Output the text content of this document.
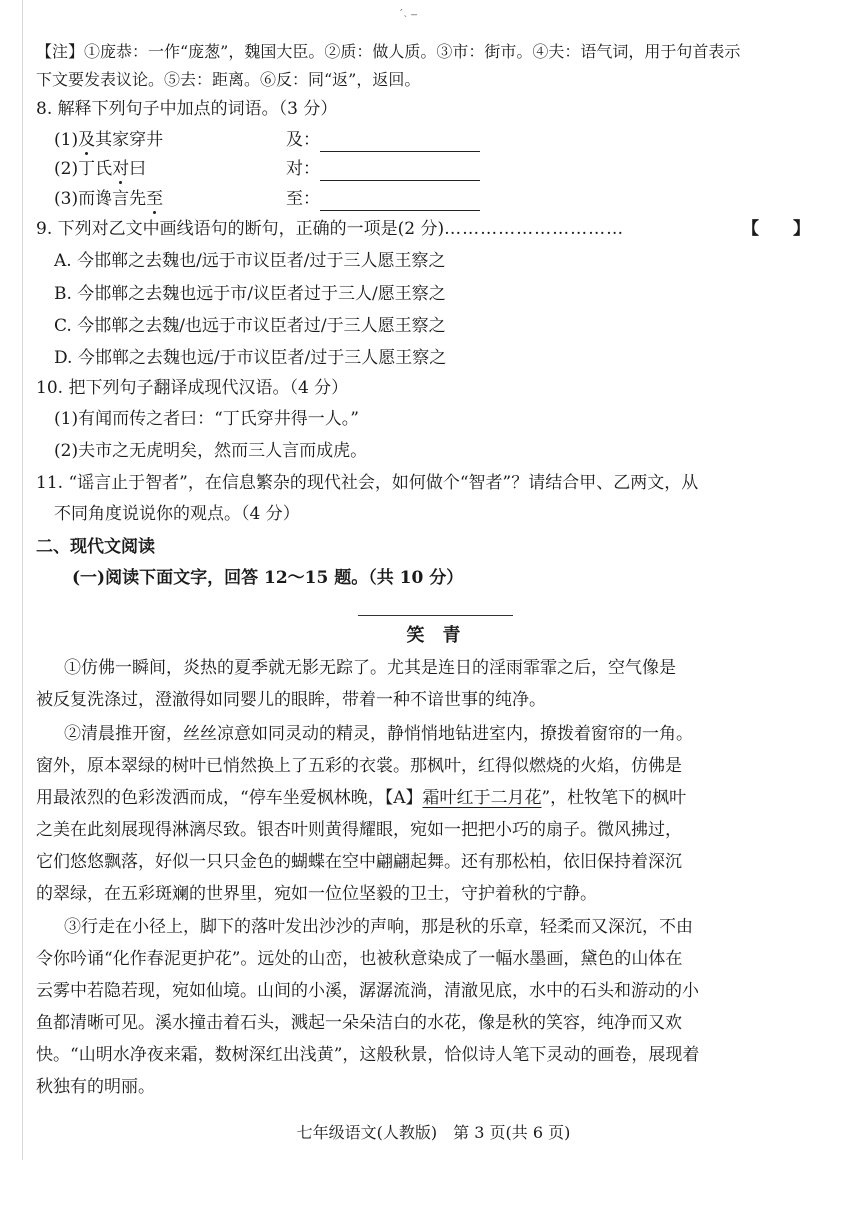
ˊ˴ ‒
【注】①庞恭：一作“庞葱”，魏国大臣。②质：做人质。③市：街市。④夫：语气词，用于句首表示
下文要发表议论。⑤去：距离。⑥反：同“返”，返回。
8. 解释下列句子中加点的词语。（3 分）
(1)及其家穿井	及：
(2)丁氏对曰	对：
(3)而谗言先至	至：
9. 下列对乙文中画线语句的断句，正确的一项是(2 分)…………………………	【　　】
A. 今邯郸之去魏也/远于市议臣者/过于三人愿王察之
B. 今邯郸之去魏也远于市/议臣者过于三人/愿王察之
C. 今邯郸之去魏/也远于市议臣者过/于三人愿王察之
D. 今邯郸之去魏也远/于市议臣者/过于三人愿王察之
10. 把下列句子翻译成现代汉语。（4 分）
(1)有闻而传之者曰：“丁氏穿井得一人。”
(2)夫市之无虎明矣，然而三人言而成虎。
11. “谣言止于智者”，在信息繁杂的现代社会，如何做个“智者”？请结合甲、乙两文，从
不同角度说说你的观点。（4 分）
二、现代文阅读
(一)阅读下面文字，回答 12～15 题。（共 10 分）
笑　青
①仿佛一瞬间，炎热的夏季就无影无踪了。尤其是连日的淫雨霏霏之后，空气像是
被反复洗涤过，澄澈得如同婴儿的眼眸，带着一种不谙世事的纯净。
②清晨推开窗，丝丝凉意如同灵动的精灵，静悄悄地钻进室内，撩拨着窗帘的一角。
窗外，原本翠绿的树叶已悄然换上了五彩的衣裳。那枫叶，红得似燃烧的火焰，仿佛是
用最浓烈的色彩泼洒而成，“停车坐爱枫林晚，【A】霜叶红于二月花”，杜牧笔下的枫叶
之美在此刻展现得淋漓尽致。银杏叶则黄得耀眼，宛如一把把小巧的扇子。微风拂过，
它们悠悠飘落，好似一只只金色的蝴蝶在空中翩翩起舞。还有那松柏，依旧保持着深沉
的翠绿，在五彩斑斓的世界里，宛如一位位坚毅的卫士，守护着秋的宁静。
③行走在小径上，脚下的落叶发出沙沙的声响，那是秋的乐章，轻柔而又深沉，不由
令你吟诵“化作春泥更护花”。远处的山峦，也被秋意染成了一幅水墨画，黛色的山体在
云雾中若隐若现，宛如仙境。山间的小溪，潺潺流淌，清澈见底，水中的石头和游动的小
鱼都清晰可见。溪水撞击着石头，溅起一朵朵洁白的水花，像是秋的笑容，纯净而又欢
快。“山明水净夜来霜，数树深红出浅黄”，这般秋景，恰似诗人笔下灵动的画卷，展现着
秋独有的明丽。
七年级语文(人教版)　第 3 页(共 6 页)
